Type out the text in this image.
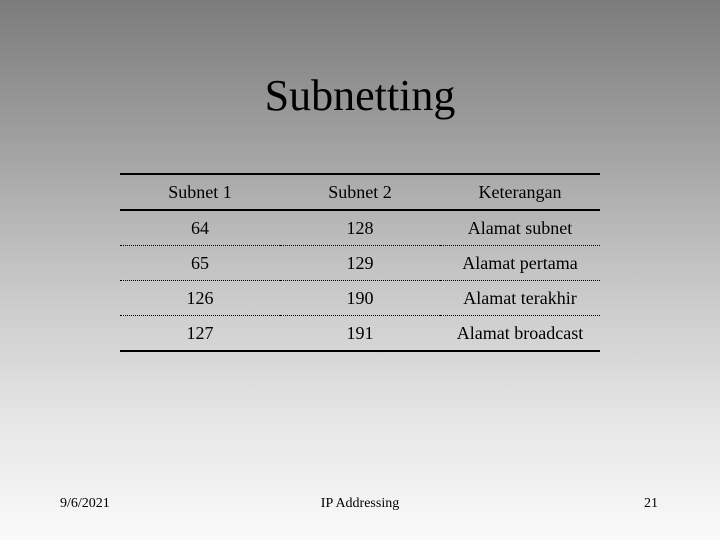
Subnetting
Subnet 1	Subnet 2	Keterangan
64	128	Alamat subnet
65	129	Alamat pertama
126	190	Alamat terakhir
127	191	Alamat broadcast
9/6/2021	IP Addressing	21
